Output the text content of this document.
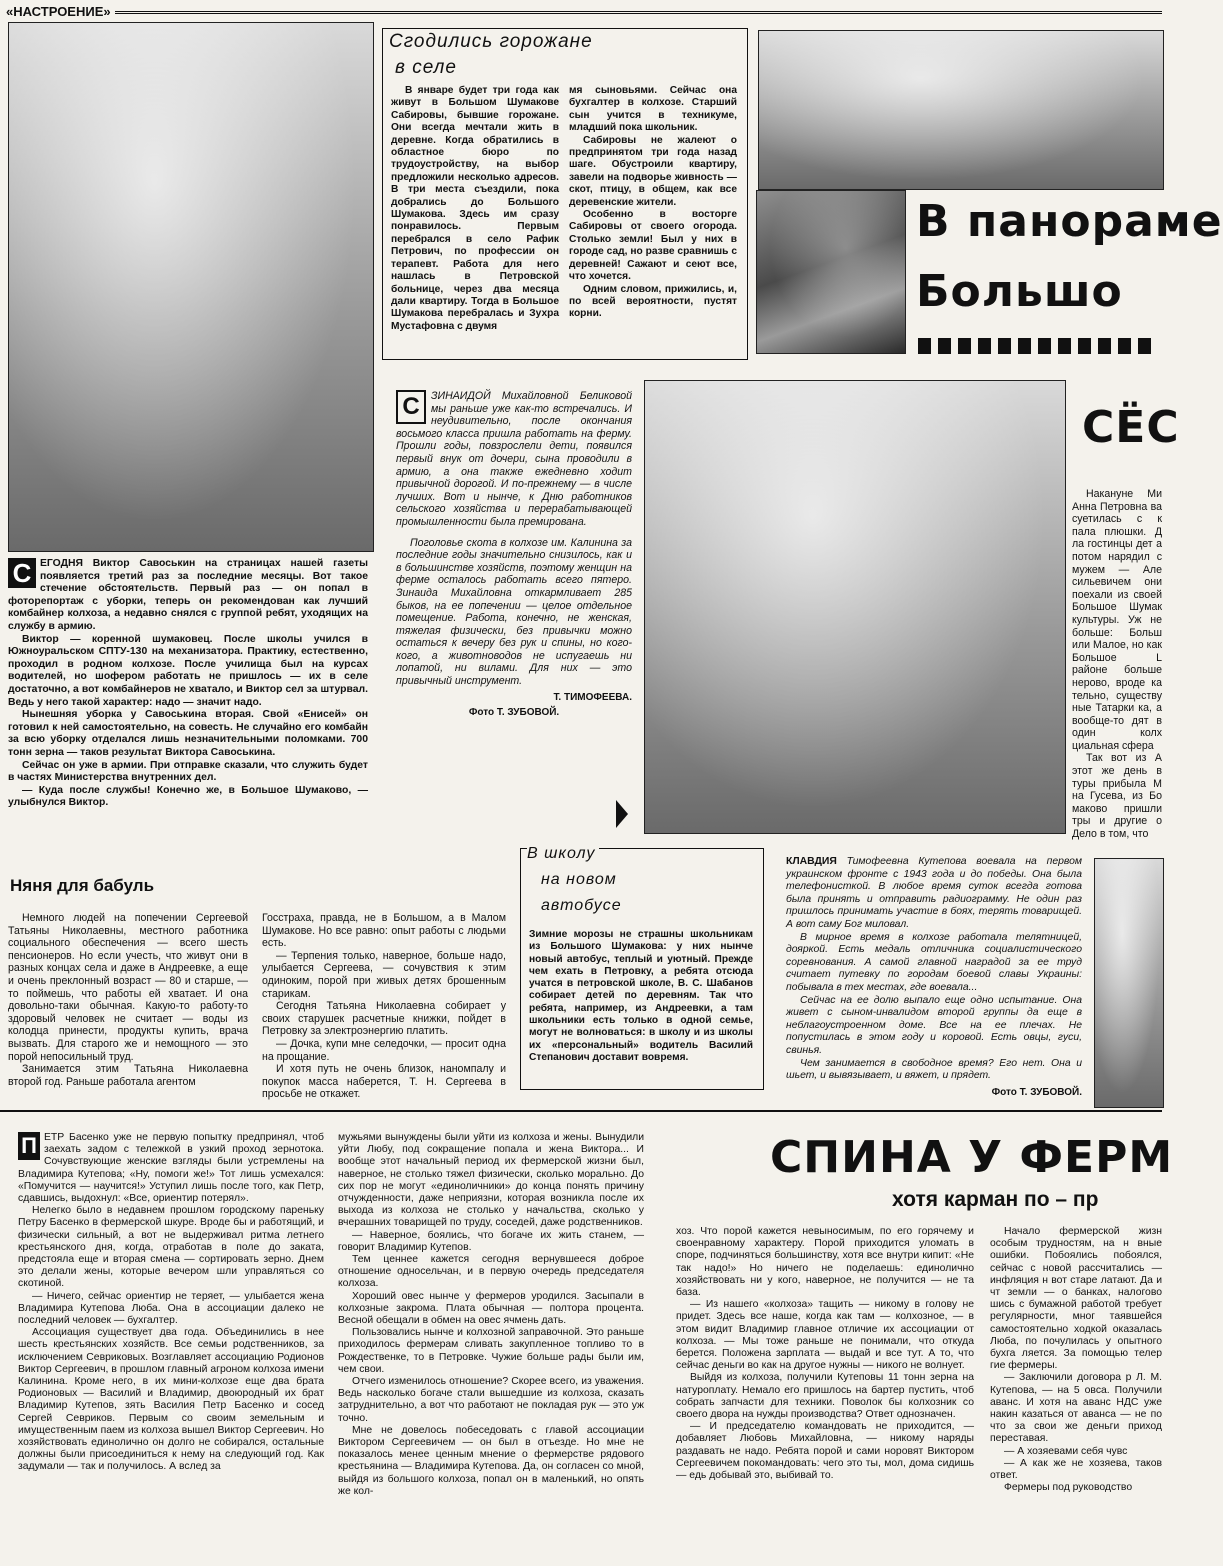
«НАСТРОЕНИЕ»
Сгодились горожане
в селе

В январе будет три года как живут в Большом Шумакове Сабировы, бывшие горожане. Они всегда мечтали жить в деревне. Когда обратились в областное бюро по трудоустройству, на выбор предложили несколько адресов. В три места съездили, пока добрались до Большого Шумакова. Здесь им сразу понравилось. Первым перебрался в село Рафик Петрович, по профессии он терапевт. Работа для него нашлась в Петровской больнице, через два месяца дали квартиру. Тогда в Большое Шумакова перебралась и Зухра Мустафовна с двумя

мя сыновьями. Сейчас она бухгалтер в колхозе. Старший сын учится в техникуме, младший пока школьник.

Сабировы не жалеют о предпринятом три года назад шаге. Обустроили квартиру, завели на подворье живность — скот, птицу, в общем, как все деревенские жители.

Особенно в восторге Сабировы от своего огорода. Столько земли! Был у них в городе сад, но разве сравнишь с деревней! Сажают и сеют все, что хочется.

Одним словом, прижились, и, по всей вероятности, пустят корни.

В панораме
Большо
С	ЗИНАИДОЙ Михайловной Беликовой мы раньше уже как-то встречались. И неудивительно, после окончания восьмого класса пришла работать на ферму. Прошли годы, повзрослели дети, появился первый внук от дочери, сына проводили в армию, а она также ежедневно ходит привычной дорогой. И по-прежнему — в числе лучших. Вот и нынче, к Дню работников сельского хозяйства и перерабатывающей промышленности была премирована.

Поголовье скота в колхозе им. Калинина за последние годы значительно снизилось, как и в большинстве хозяйств, поэтому женщин на ферме осталось работать всего пятеро. Зинаида Михайловна откармливает 285 быков, на ее попечении — целое отдельное помещение. Работа, конечно, не женская, тяжелая физически, без привычки можно остаться к вечеру без рук и спины, но кого-кого, а животноводов не испугаешь ни лопатой, ни вилами. Для них — это привычный инструмент.

Т. ТИМОФЕЕВА.
Фото Т. ЗУБОВОЙ.
СЁС

Накануне Ми Анна Петровна ва суетилась с к пала плюшки. Д ла гостинцы дет а потом нарядил с мужем — Але сильевичем они поехали из своей Большое Шумак культуры. Уж не больше: Больш или Малое, но как Большое L районе больше нерово, вроде ка тельно, существу ные Татарки ка, а вообще-то дят в один колх циальная сфера

Так вот из А этот же день в туры прибыла М на Гусева, из Бо маково пришли тры и другие о Дело в том, что

С ЕГОДНЯ Виктор Савоськин на страницах нашей газеты появляется третий раз за последние месяцы. Вот такое стечение обстоятельств. Первый раз — он попал в фоторепортаж с уборки, теперь он рекомендован как лучший комбайнер колхоза, а недавно снялся с группой ребят, уходящих на службу в армию.

Виктор — коренной шумаковец. После школы учился в Южноуральском СПТУ-130 на механизатора. Практику, естественно, проходил в родном колхозе. После училища был на курсах водителей, но шофером работать не пришлось — их в селе достаточно, а вот комбайнеров не хватало, и Виктор сел за штурвал. Ведь у него такой характер: надо — значит надо.

Нынешняя уборка у Савоськина вторая. Свой «Енисей» он готовил к ней самостоятельно, на совесть. Не случайно его комбайн за всю уборку отделался лишь незначительными поломками. 700 тонн зерна — таков результат Виктора Савоськина.

Сейчас он уже в армии. При отправке сказали, что служить будет в частях Министерства внутренних дел.

— Куда после службы! Конечно же, в Большое Шумаково, — улыбнулся Виктор.

Няня для бабуль

Немного людей на попечении Сергеевой Татьяны Николаевны, местного работника социального обеспечения — всего шесть пенсионеров. Но если учесть, что живут они в разных концах села и даже в Андреевке, а еще и очень преклонный возраст — 80 и старше, — то поймешь, что работы ей хватает. И она довольно-таки обычная. Какую-то работу-то здоровый человек не считает — воды из колодца принести, продукты купить, врача вызвать. Для старого же и немощного — это порой непосильный труд.

Занимается этим Татьяна Николаевна второй год. Раньше работала агентом

Госстраха, правда, не в Большом, а в Малом Шумакове. Но все равно: опыт работы с людьми есть.

— Терпения только, наверное, больше надо, улыбается Сергеева, — сочувствия к этим одиноким, порой при живых детях брошенным старикам.

Сегодня Татьяна Николаевна собирает у своих старушек расчетные книжки, пойдет в Петровку за электроэнергию платить.

— Дочка, купи мне селедочки, — просит одна на прощание.

И хотя путь не очень близок, наномпалу и покупок масса наберется, Т. Н. Сергеева в просьбе не откажет.

В школу
на новом
автобусе
Зимние морозы не страшны школьникам из Большого Шумакова: у них нынче новый автобус, теплый и уютный. Прежде чем ехать в Петровку, а ребята отсюда учатся в петровской школе, В. С. Шабанов собирает детей по деревням. Так что ребята, например, из Андреевки, а там школьники есть только в одной семье, могут не волноваться: в школу и из школы их «персональный» водитель Василий Степанович доставит вовремя.

КЛАВДИЯ Тимофеевна Кутепова воевала на первом украинском фронте с 1943 года и до победы. Она была телефонисткой. В любое время суток всегда готова была принять и отправить радиограмму. Не один раз пришлось принимать участие в боях, терять товарищей. А вот саму Бог миловал.

В мирное время в колхозе работала телятницей, дояркой. Есть медаль отличника социалистического соревнования. А самой главной наградой за ее труд считает путевку по городам боевой славы Украины: побывала в тех местах, где воевала...

Сейчас на ее долю выпало еще одно испытание. Она живет с сыном-инвалидом второй группы да еще в неблагоустроенном доме. Все на ее плечах. Не попустилась в этом году и коровой. Есть овцы, гуси, свинья.

Чем занимается в свободное время? Его нет. Она и шьет, и вывязывает, и вяжет, и прядет.

Фото Т. ЗУБОВОЙ.
СПИНА У ФЕРМ
хотя карман по – пр
П ЕТР Басенко уже не первую попытку предпринял, чтоб заехать задом с тележкой в узкий проход зернотока. Сочувствующие женские взгляды были устремлены на Владимира Кутепова; «Ну, помоги же!» Тот лишь усмехался: «Помучится — научится!» Уступил лишь после того, как Петр, сдавшись, выдохнул: «Все, ориентир потерял».

Нелегко было в недавнем прошлом городскому пареньку Петру Басенко в фермерской шкуре. Вроде бы и работящий, и физически сильный, а вот не выдерживал ритма летнего крестьянского дня, когда, отработав в поле до заката, предстояла еще и вторая смена — сортировать зерно. Днем это делали жены, которые вечером шли управляться со скотиной.

— Ничего, сейчас ориентир не теряет, — улыбается жена Владимира Кутепова Люба. Она в ассоциации далеко не последний человек — бухгалтер.

Ассоциация существует два года. Объединились в нее шесть крестьянских хозяйств. Все семьи родственников, за исключением Севриковых. Возглавляет ассоциацию Родионов Виктор Сергеевич, в прошлом главный агроном колхоза имени Калинина. Кроме него, в их мини-колхозе еще два брата Родионовых — Василий и Владимир, двоюродный их брат Владимир Кутепов, зять Василия Петр Басенко и сосед Сергей Севриков. Первым со своим земельным и имущественным паем из колхоза вышел Виктор Сергеевич. Но хозяйствовать единолично он долго не собирался, остальные должны были присоединиться к нему на следующий год. Как задумали — так и получилось. А вслед за

мужьями вынуждены были уйти из колхоза и жены. Вынудили уйти Любу, под сокращение попала и жена Виктора... И вообще этот начальный период их фермерской жизни был, наверное, не столько тяжел физически, сколько морально. До сих пор не могут «единоличники» до конца понять причину отчужденности, даже неприязни, которая возникла после их выхода из колхоза не столько у начальства, сколько у вчерашних товарищей по труду, соседей, даже родственников.

— Наверное, боялись, что богаче их жить станем, — говорит Владимир Кутепов.

Тем ценнее кажется сегодня вернувшееся доброе отношение односельчан, и в первую очередь председателя колхоза.

Хороший овес нынче у фермеров уродился. Засыпали в колхозные закрома. Плата обычная — полтора процента. Весной обещали в обмен на овес ячмень дать.

Пользовались нынче и колхозной заправочной. Это раньше приходилось фермерам сливать закупленное топливо то в Рождественке, то в Петровке. Чужие больше рады были им, чем свои.

Отчего изменилось отношение? Скорее всего, из уважения. Ведь насколько богаче стали вышедшие из колхоза, сказать затруднительно, а вот что работают не покладая рук — это уж точно.

Мне не довелось побеседовать с главой ассоциации Виктором Сергеевичем — он был в отъезде. Но мне не показалось менее ценным мнение о фермерстве рядового крестьянина — Владимира Кутепова. Да, он согласен со мной, выйдя из большого колхоза, попал он в маленький, но опять же кол-

хоз. Что порой кажется невыносимым, по его горячему и своенравному характеру. Порой приходится уломать в споре, подчиняться большинству, хотя все внутри кипит: «Не так надо!» Но ничего не поделаешь: единолично хозяйствовать ни у кого, наверное, не получится — не та база.

— Из нашего «колхоза» тащить — никому в голову не придет. Здесь все наше, когда как там — колхозное, — в этом видит Владимир главное отличие их ассоциации от колхоза. — Мы тоже раньше не понимали, что откуда берется. Положена зарплата — выдай и все тут. А то, что сейчас деньги во как на другое нужны — никого не волнует.

Выйдя из колхоза, получили Кутеповы 11 тонн зерна на натуроплату. Немало его пришлось на бартер пустить, чтоб собрать запчасти для техники. Поволок бы колхозник со своего двора на нужды производства? Ответ однозначен.

— И председателю командовать не приходится, — добавляет Любовь Михайловна, — никому наряды раздавать не надо. Ребята порой и сами норовят Виктором Сергеевичем покомандовать: чего это ты, мол, дома сидишь — едь добывай это, выбивай то.

Начало фермерской жизн особым трудностям, на н вные ошибки. Побоялись побоялся, сейчас с новой рассчитались — инфляция н вот старе латают. Да и чт земли — о банках, налогово шись с бумажной работой требует регулярности, мног таявшейся самостоятельно ходкой оказалась Люба, по почулилась у опытного бухга ляется. За помощью телер гие фермеры.

— Заключили договора р Л. М. Кутепова, — на 5 овса. Получили аванс. И хотя на аванс НДС уже накин казаться от аванса — не по что за свои же деньги приход переставая.

— А хозяевами себя чувс

— А как же не хозяева, таков ответ.

Фермеры под руководство
